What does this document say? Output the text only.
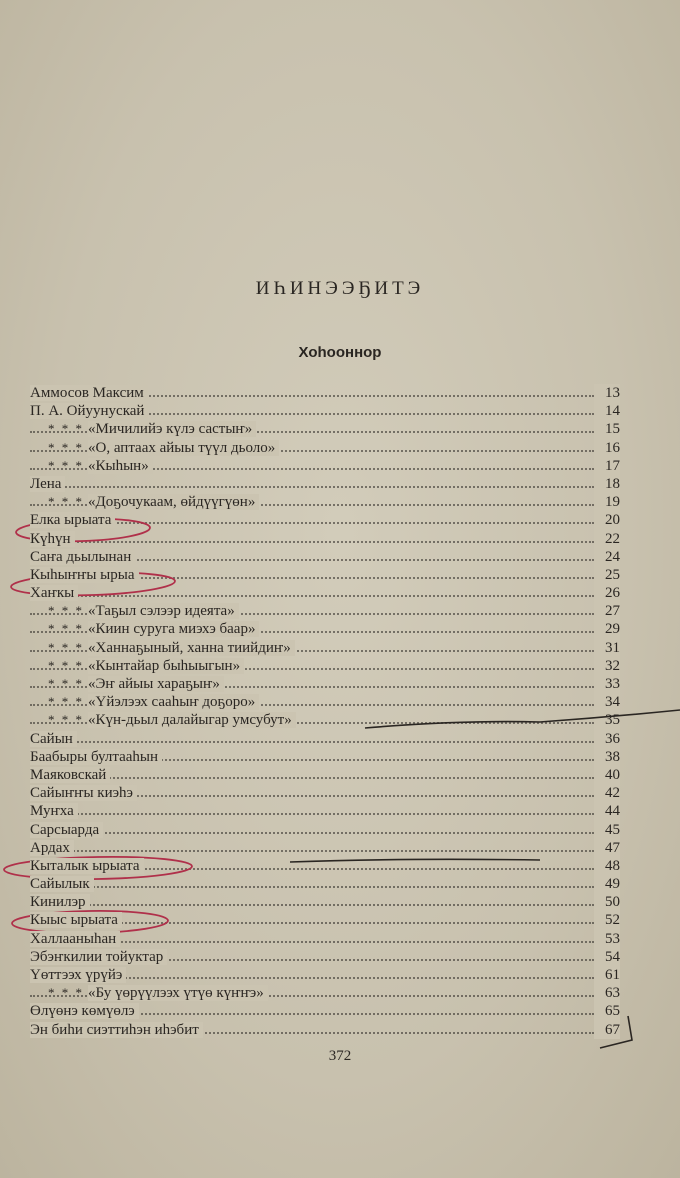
ИҺИНЭЭҔИТЭ
Хоһооннор
Аммосов Максим	13
П. А. Ойуунускай	14
* * * «Мичилийэ күлэ састыҥ»	15
* * * «О, аптаах айыы түүл дьоло»	16
* * * «Кыһын»	17
Лена	18
* * * «Доҕочукаам, өйдүүгүөн»	19
Елка ырыата	20
Күһүн	22
Саҥа дьылынан	24
Кыһыҥҥы ырыа	25
Хаҥкы	26
* * * «Таҕыл сэлээр идеята»	27
* * * «Киин суруга миэхэ баар»	29
* * * «Ханнаҕыный, ханна тиийдиҥ»	31
* * * «Кынтайар быһыыгын»	32
* * * «Эҥ айыы хараҕыҥ»	33
* * * «Үйэлээх сааһыҥ доҕоро»	34
* * * «Күн-дьыл далайыгар умсубут»	35
Сайын	36
Баабыры бултааһын	38
Маяковскай	40
Сайыҥҥы киэһэ	42
Муҥха	44
Сарсыарда	45
Ардах	47
Кыталык ырыата	48
Сайылык	49
Кинилэр	50
Кыыс ырыата	52
Халлааныһан	53
Эбэҥкилии тойуктар	54
Үөттээх үрүйэ	61
* * * «Бу үөрүүлээх үтүө күҥҥэ»	63
Өлүөнэ көмүөлэ	65
Эн биһи сиэттиһэн иһэбит	67
372
